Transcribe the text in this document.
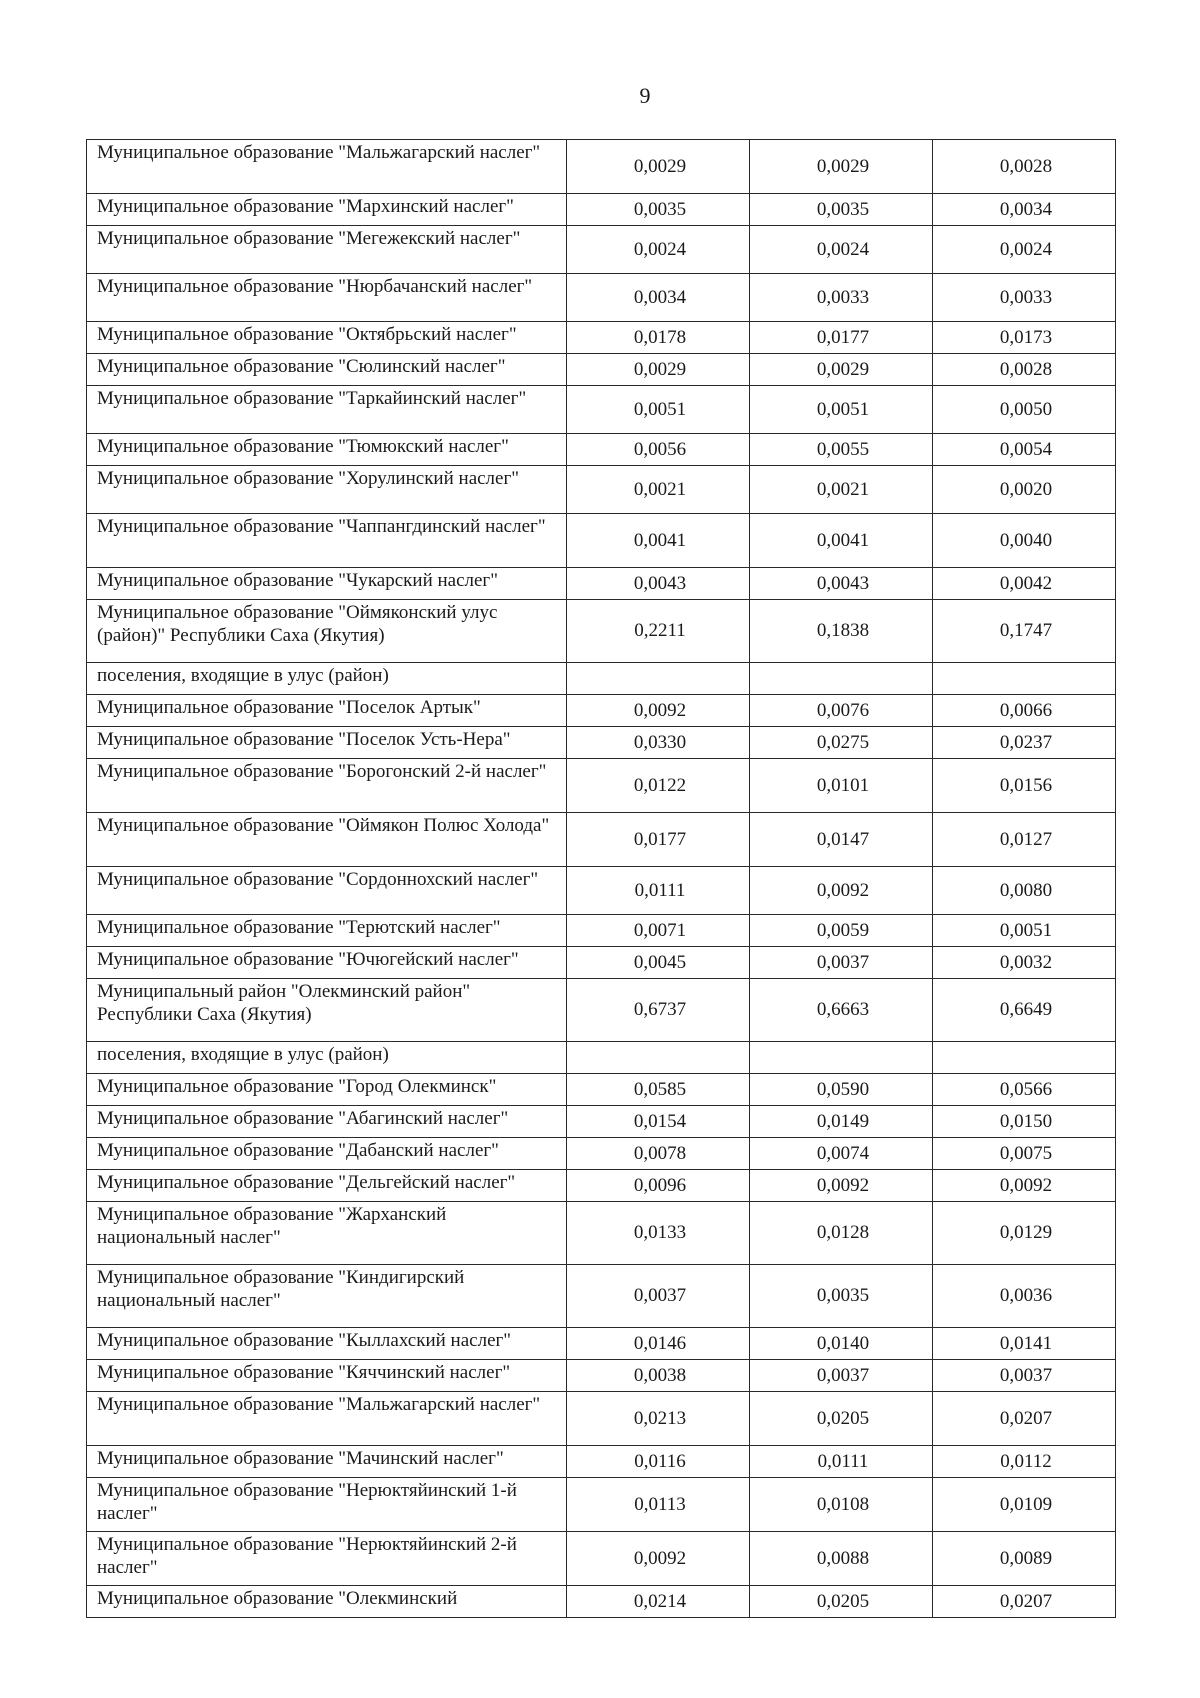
9
Муниципальное образование "Мальжагарский наслег"	0,0029	0,0029	0,0028
Муниципальное образование "Мархинский наслег"	0,0035	0,0035	0,0034
Муниципальное образование "Мегежекский наслег"	0,0024	0,0024	0,0024
Муниципальное образование "Нюрбачанский наслег"	0,0034	0,0033	0,0033
Муниципальное образование "Октябрьский наслег"	0,0178	0,0177	0,0173
Муниципальное образование "Сюлинский наслег"	0,0029	0,0029	0,0028
Муниципальное образование "Таркайинский наслег"	0,0051	0,0051	0,0050
Муниципальное образование "Тюмюкский наслег"	0,0056	0,0055	0,0054
Муниципальное образование "Хорулинский наслег"	0,0021	0,0021	0,0020
Муниципальное образование "Чаппангдинский наслег"	0,0041	0,0041	0,0040
Муниципальное образование "Чукарский наслег"	0,0043	0,0043	0,0042
Муниципальное образование "Оймяконский улус (район)" Республики Саха (Якутия)	0,2211	0,1838	0,1747
поселения, входящие в улус (район)			
Муниципальное образование "Поселок Артык"	0,0092	0,0076	0,0066
Муниципальное образование "Поселок Усть-Нера"	0,0330	0,0275	0,0237
Муниципальное образование "Борогонский 2-й наслег"	0,0122	0,0101	0,0156
Муниципальное образование "Оймякон Полюс Холода"	0,0177	0,0147	0,0127
Муниципальное образование "Сордоннохский наслег"	0,0111	0,0092	0,0080
Муниципальное образование "Терютский наслег"	0,0071	0,0059	0,0051
Муниципальное образование "Ючюгейский наслег"	0,0045	0,0037	0,0032
Муниципальный район "Олекминский район" Республики Саха (Якутия)	0,6737	0,6663	0,6649
поселения, входящие в улус (район)			
Муниципальное образование "Город Олекминск"	0,0585	0,0590	0,0566
Муниципальное образование "Абагинский наслег"	0,0154	0,0149	0,0150
Муниципальное образование "Дабанский наслег"	0,0078	0,0074	0,0075
Муниципальное образование "Дельгейский наслег"	0,0096	0,0092	0,0092
Муниципальное образование "Жарханский национальный наслег"	0,0133	0,0128	0,0129
Муниципальное образование "Киндигирский национальный наслег"	0,0037	0,0035	0,0036
Муниципальное образование "Кыллахский наслег"	0,0146	0,0140	0,0141
Муниципальное образование "Кяччинский наслег"	0,0038	0,0037	0,0037
Муниципальное образование "Мальжагарский наслег"	0,0213	0,0205	0,0207
Муниципальное образование "Мачинский наслег"	0,0116	0,0111	0,0112
Муниципальное образование "Нерюктяйинский 1-й наслег"	0,0113	0,0108	0,0109
Муниципальное образование "Нерюктяйинский 2-й наслег"	0,0092	0,0088	0,0089
Муниципальное образование "Олекминский	0,0214	0,0205	0,0207
